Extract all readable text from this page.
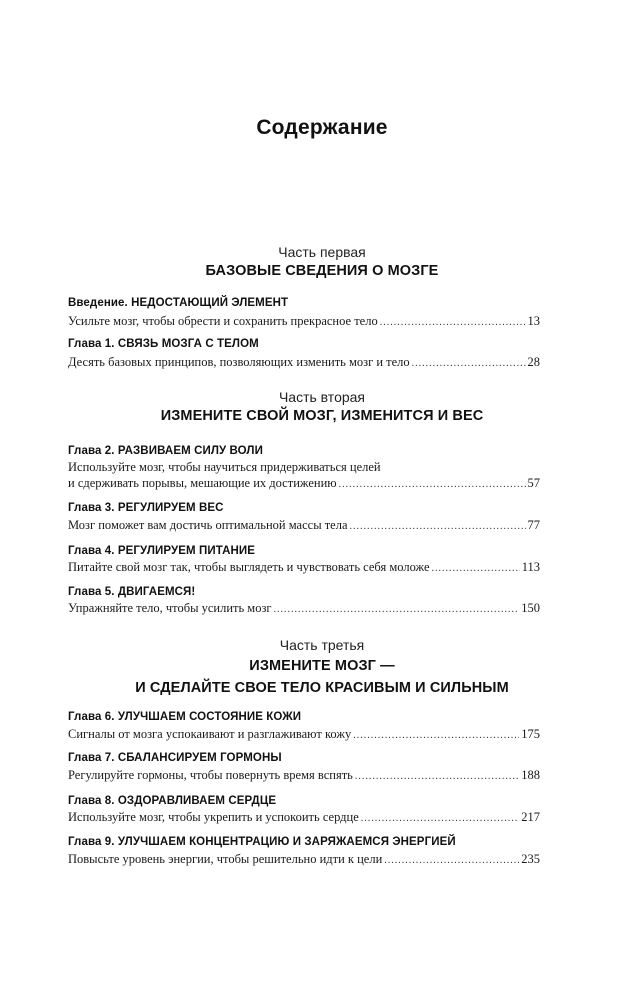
Содержание
Часть первая
БАЗОВЫЕ СВЕДЕНИЯ О МОЗГЕ
Введение. НЕДОСТАЮЩИЙ ЭЛЕМЕНТ
Усильте мозг, чтобы обрести и сохранить прекрасное тело .....	13
Глава 1. СВЯЗЬ МОЗГА С ТЕЛОМ
Десять базовых принципов, позволяющих изменить мозг и тело .....	28
Часть вторая
ИЗМЕНИТЕ СВОЙ МОЗГ, ИЗМЕНИТСЯ И ВЕС
Глава 2. РАЗВИВАЕМ СИЛУ ВОЛИ
Используйте мозг, чтобы научиться придерживаться целей
и сдерживать порывы, мешающие их достижению .....	57
Глава 3. РЕГУЛИРУЕМ ВЕС
Мозг поможет вам достичь оптимальной массы тела .....	77
Глава 4. РЕГУЛИРУЕМ ПИТАНИЕ
Питайте свой мозг так, чтобы выглядеть и чувствовать себя моложе .....	113
Глава 5. ДВИГАЕМСЯ!
Упражняйте тело, чтобы усилить мозг .....	150
Часть третья
ИЗМЕНИТЕ МОЗГ —
И СДЕЛАЙТЕ СВОЕ ТЕЛО КРАСИВЫМ И СИЛЬНЫМ
Глава 6. УЛУЧШАЕМ СОСТОЯНИЕ КОЖИ
Сигналы от мозга успокаивают и разглаживают кожу .....	175
Глава 7. СБАЛАНСИРУЕМ ГОРМОНЫ
Регулируйте гормоны, чтобы повернуть время вспять .....	188
Глава 8. ОЗДОРАВЛИВАЕМ СЕРДЦЕ
Используйте мозг, чтобы укрепить и успокоить сердце .....	217
Глава 9. УЛУЧШАЕМ КОНЦЕНТРАЦИЮ И ЗАРЯЖАЕМСЯ ЭНЕРГИЕЙ
Повысьте уровень энергии, чтобы решительно идти к цели .....	235
